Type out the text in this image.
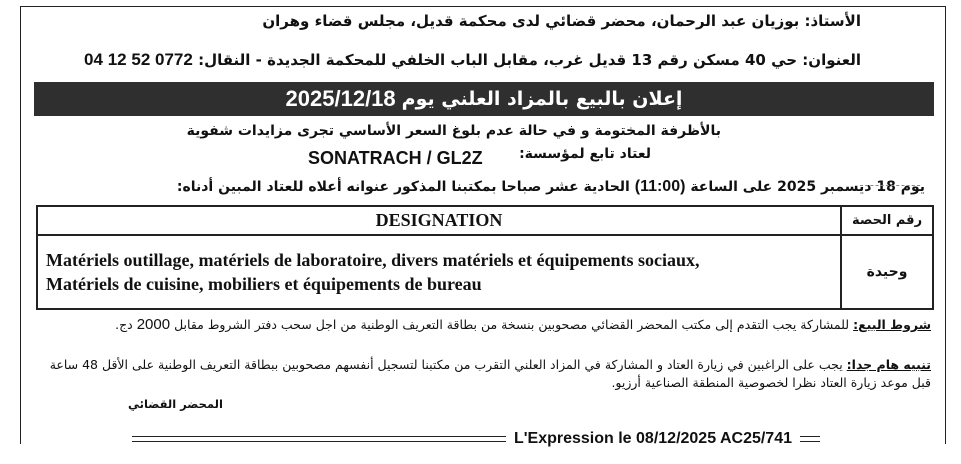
الأستاذ: بوزيان عبد الرحمان، محضر قضائي لدى محكمة قديل، مجلس قضاء وهران
العنوان: حي 40 مسكن رقم 13 قديل غرب، مقابل الباب الخلفي للمحكمة الجديدة - النقال: 0772 52 12 04
إعلان بالبيع بالمزاد العلني يوم
2025/12/18
بالأظرفة المختومة و في حالة عدم بلوغ السعر الأساسي تجرى مزايدات شفوية
لعتاد تابع لمؤسسة:
SONATRACH / GL2Z
يوم 18 ديسمبر 2025 على الساعة (11:00) الحادية عشر صباحا بمكتبنا المذكور عنوانه أعلاه للعتاد المبين أدناه:
DESIGNATION	رقم الحصة

Matériels outillage, matériels de laboratoire, divers matériels et équipements sociaux,
Matériels de cuisine, mobiliers et équipements de bureau	وحيدة
شروط البيع: للمشاركة يجب التقدم إلى مكتب المحضر القضائي مصحوبين بنسخة من بطاقة التعريف الوطنية من اجل سحب دفتر الشروط مقابل 2000 دج.
تنبيه هام جدا: يجب على الراغبين في زيارة العتاد و المشاركة في المزاد العلني التقرب من مكتبنا لتسجيل أنفسهم مصحوبين ببطاقة التعريف الوطنية على الأقل 48 ساعة قبل موعد زيارة العتاد نظرا لخصوصية المنطقة الصناعية أرزيو.
المحضر القضائي
L'Expression le 08/12/2025 AC25/741
